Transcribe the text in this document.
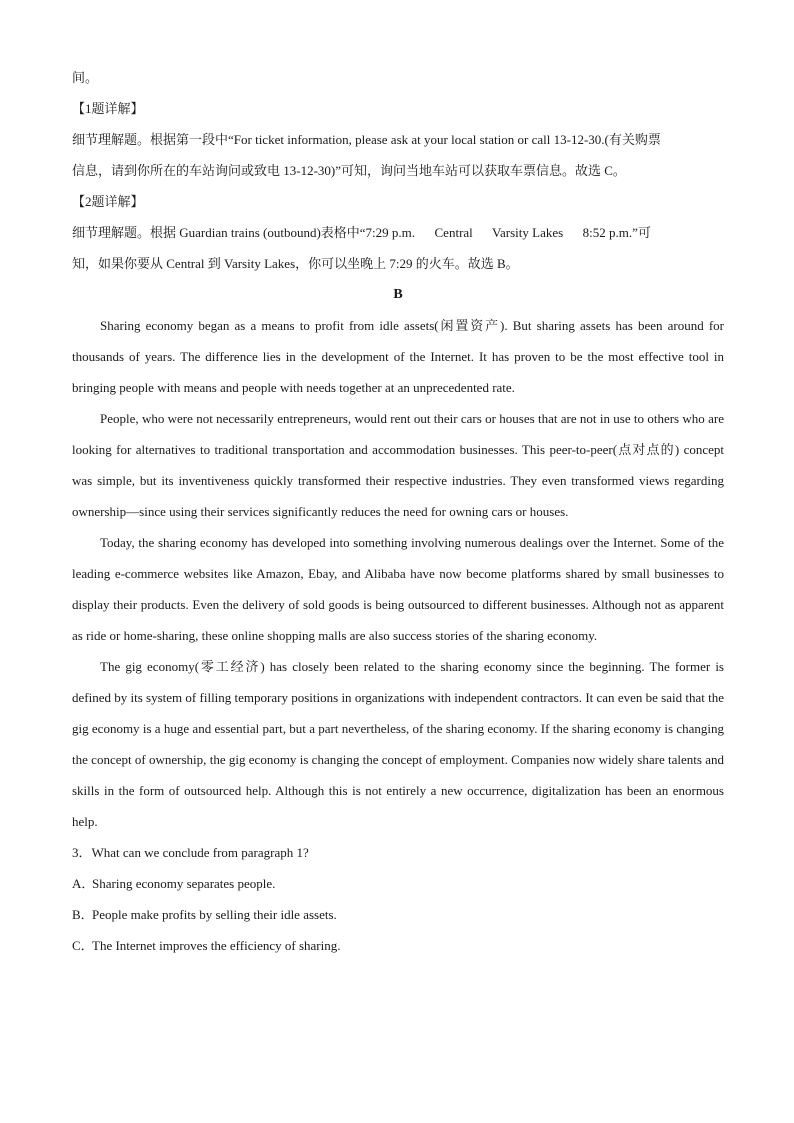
间。
【1题详解】
细节理解题。根据第一段中“For ticket information, please ask at your local station or call 13-12-30.(有关购票
信息，请到你所在的车站询问或致电 13-12-30)”可知，询问当地车站可以获取车票信息。故选 C。
【2题详解】
细节理解题。根据 Guardian trains (outbound)表格中“7:29 p.m.      Central      Varsity Lakes      8:52 p.m.”可
知，如果你要从 Central 到 Varsity Lakes，你可以坐晚上 7:29 的火车。故选 B。
B

Sharing economy began as a means to profit from idle assets(闲置资产). But sharing assets has been around for thousands of years. The difference lies in the development of the Internet. It has proven to be the most effective tool in bringing people with means and people with needs together at an unprecedented rate.

People, who were not necessarily entrepreneurs, would rent out their cars or houses that are not in use to others who are looking for alternatives to traditional transportation and accommodation businesses. This peer-to-peer(点对点的) concept was simple, but its inventiveness quickly transformed their respective industries. They even transformed views regarding ownership—since using their services significantly reduces the need for owning cars or houses.

Today, the sharing economy has developed into something involving numerous dealings over the Internet. Some of the leading e-commerce websites like Amazon, Ebay, and Alibaba have now become platforms shared by small businesses to display their products. Even the delivery of sold goods is being outsourced to different businesses. Although not as apparent as ride or home-sharing, these online shopping malls are also success stories of the sharing economy.

The gig economy(零工经济) has closely been related to the sharing economy since the beginning. The former is defined by its system of filling temporary positions in organizations with independent contractors. It can even be said that the gig economy is a huge and essential part, but a part nevertheless, of the sharing economy. If the sharing economy is changing the concept of ownership, the gig economy is changing the concept of employment. Companies now widely share talents and skills in the form of outsourced help. Although this is not entirely a new occurrence, digitalization has been an enormous help.

3．What can we conclude from paragraph 1?
A．Sharing economy separates people.
B．People make profits by selling their idle assets.
C．The Internet improves the efficiency of sharing.
